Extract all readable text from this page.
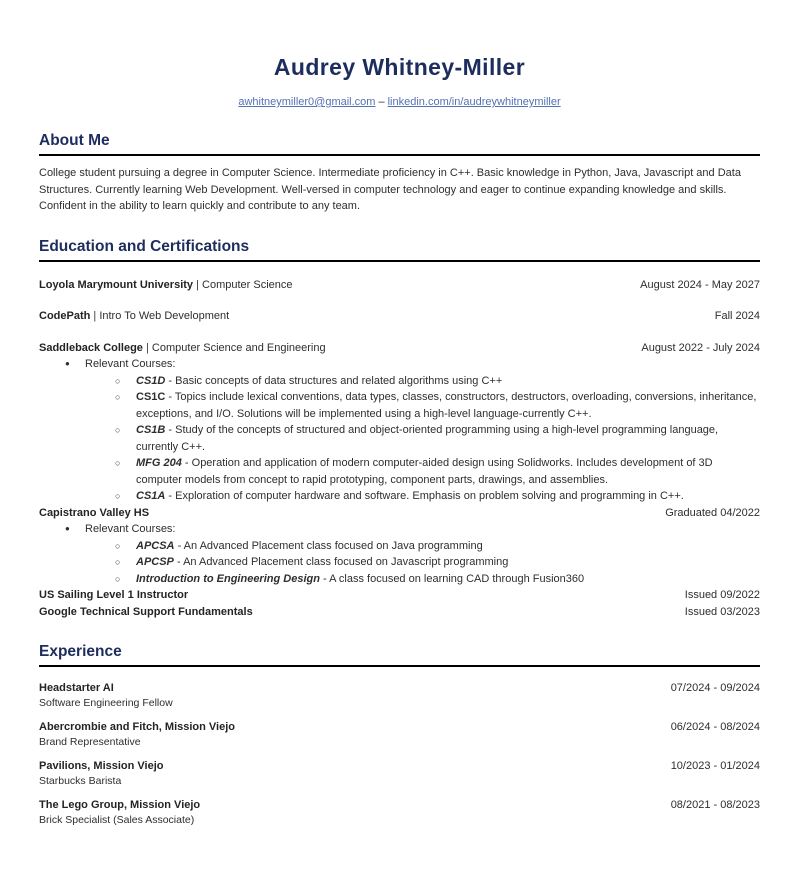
Audrey Whitney-Miller
awhitneymiller0@gmail.com – linkedin.com/in/audreywhitneymiller
About Me

College student pursuing a degree in Computer Science. Intermediate proficiency in C++. Basic knowledge in Python, Java, Javascript and Data Structures. Currently learning Web Development. Well-versed in computer technology and eager to continue expanding knowledge and skills. Confident in the ability to learn quickly and contribute to any team.

Education and Certifications
Loyola Marymount University | Computer Science	August 2024 - May 2027
CodePath | Intro To Web Development	Fall 2024
Saddleback College | Computer Science and Engineering	August 2022 - July 2024
●	Relevant Courses:
○	CS1D - Basic concepts of data structures and related algorithms using C++
○	CS1C - Topics include lexical conventions, data types, classes, constructors, destructors, overloading, conversions, inheritance, exceptions, and I/O. Solutions will be implemented using a high-level language-currently C++.
○	CS1B - Study of the concepts of structured and object-oriented programming using a high-level programming language, currently C++.
○	MFG 204 - Operation and application of modern computer-aided design using Solidworks. Includes development of 3D computer models from concept to rapid prototyping, component parts, drawings, and assemblies.
○	CS1A - Exploration of computer hardware and software. Emphasis on problem solving and programming in C++.
Capistrano Valley HS	Graduated 04/2022
●	Relevant Courses:
○	APCSA - An Advanced Placement class focused on Java programming
○	APCSP - An Advanced Placement class focused on Javascript programming
○	Introduction to Engineering Design - A class focused on learning CAD through Fusion360
US Sailing Level 1 Instructor	Issued 09/2022
Google Technical Support Fundamentals	Issued 03/2023
Experience
Headstarter AI	07/2024 - 09/2024
Software Engineering Fellow
Abercrombie and Fitch, Mission Viejo	06/2024 - 08/2024
Brand Representative
Pavilions, Mission Viejo	10/2023 - 01/2024
Starbucks Barista
The Lego Group, Mission Viejo	08/2021 - 08/2023
Brick Specialist (Sales Associate)
